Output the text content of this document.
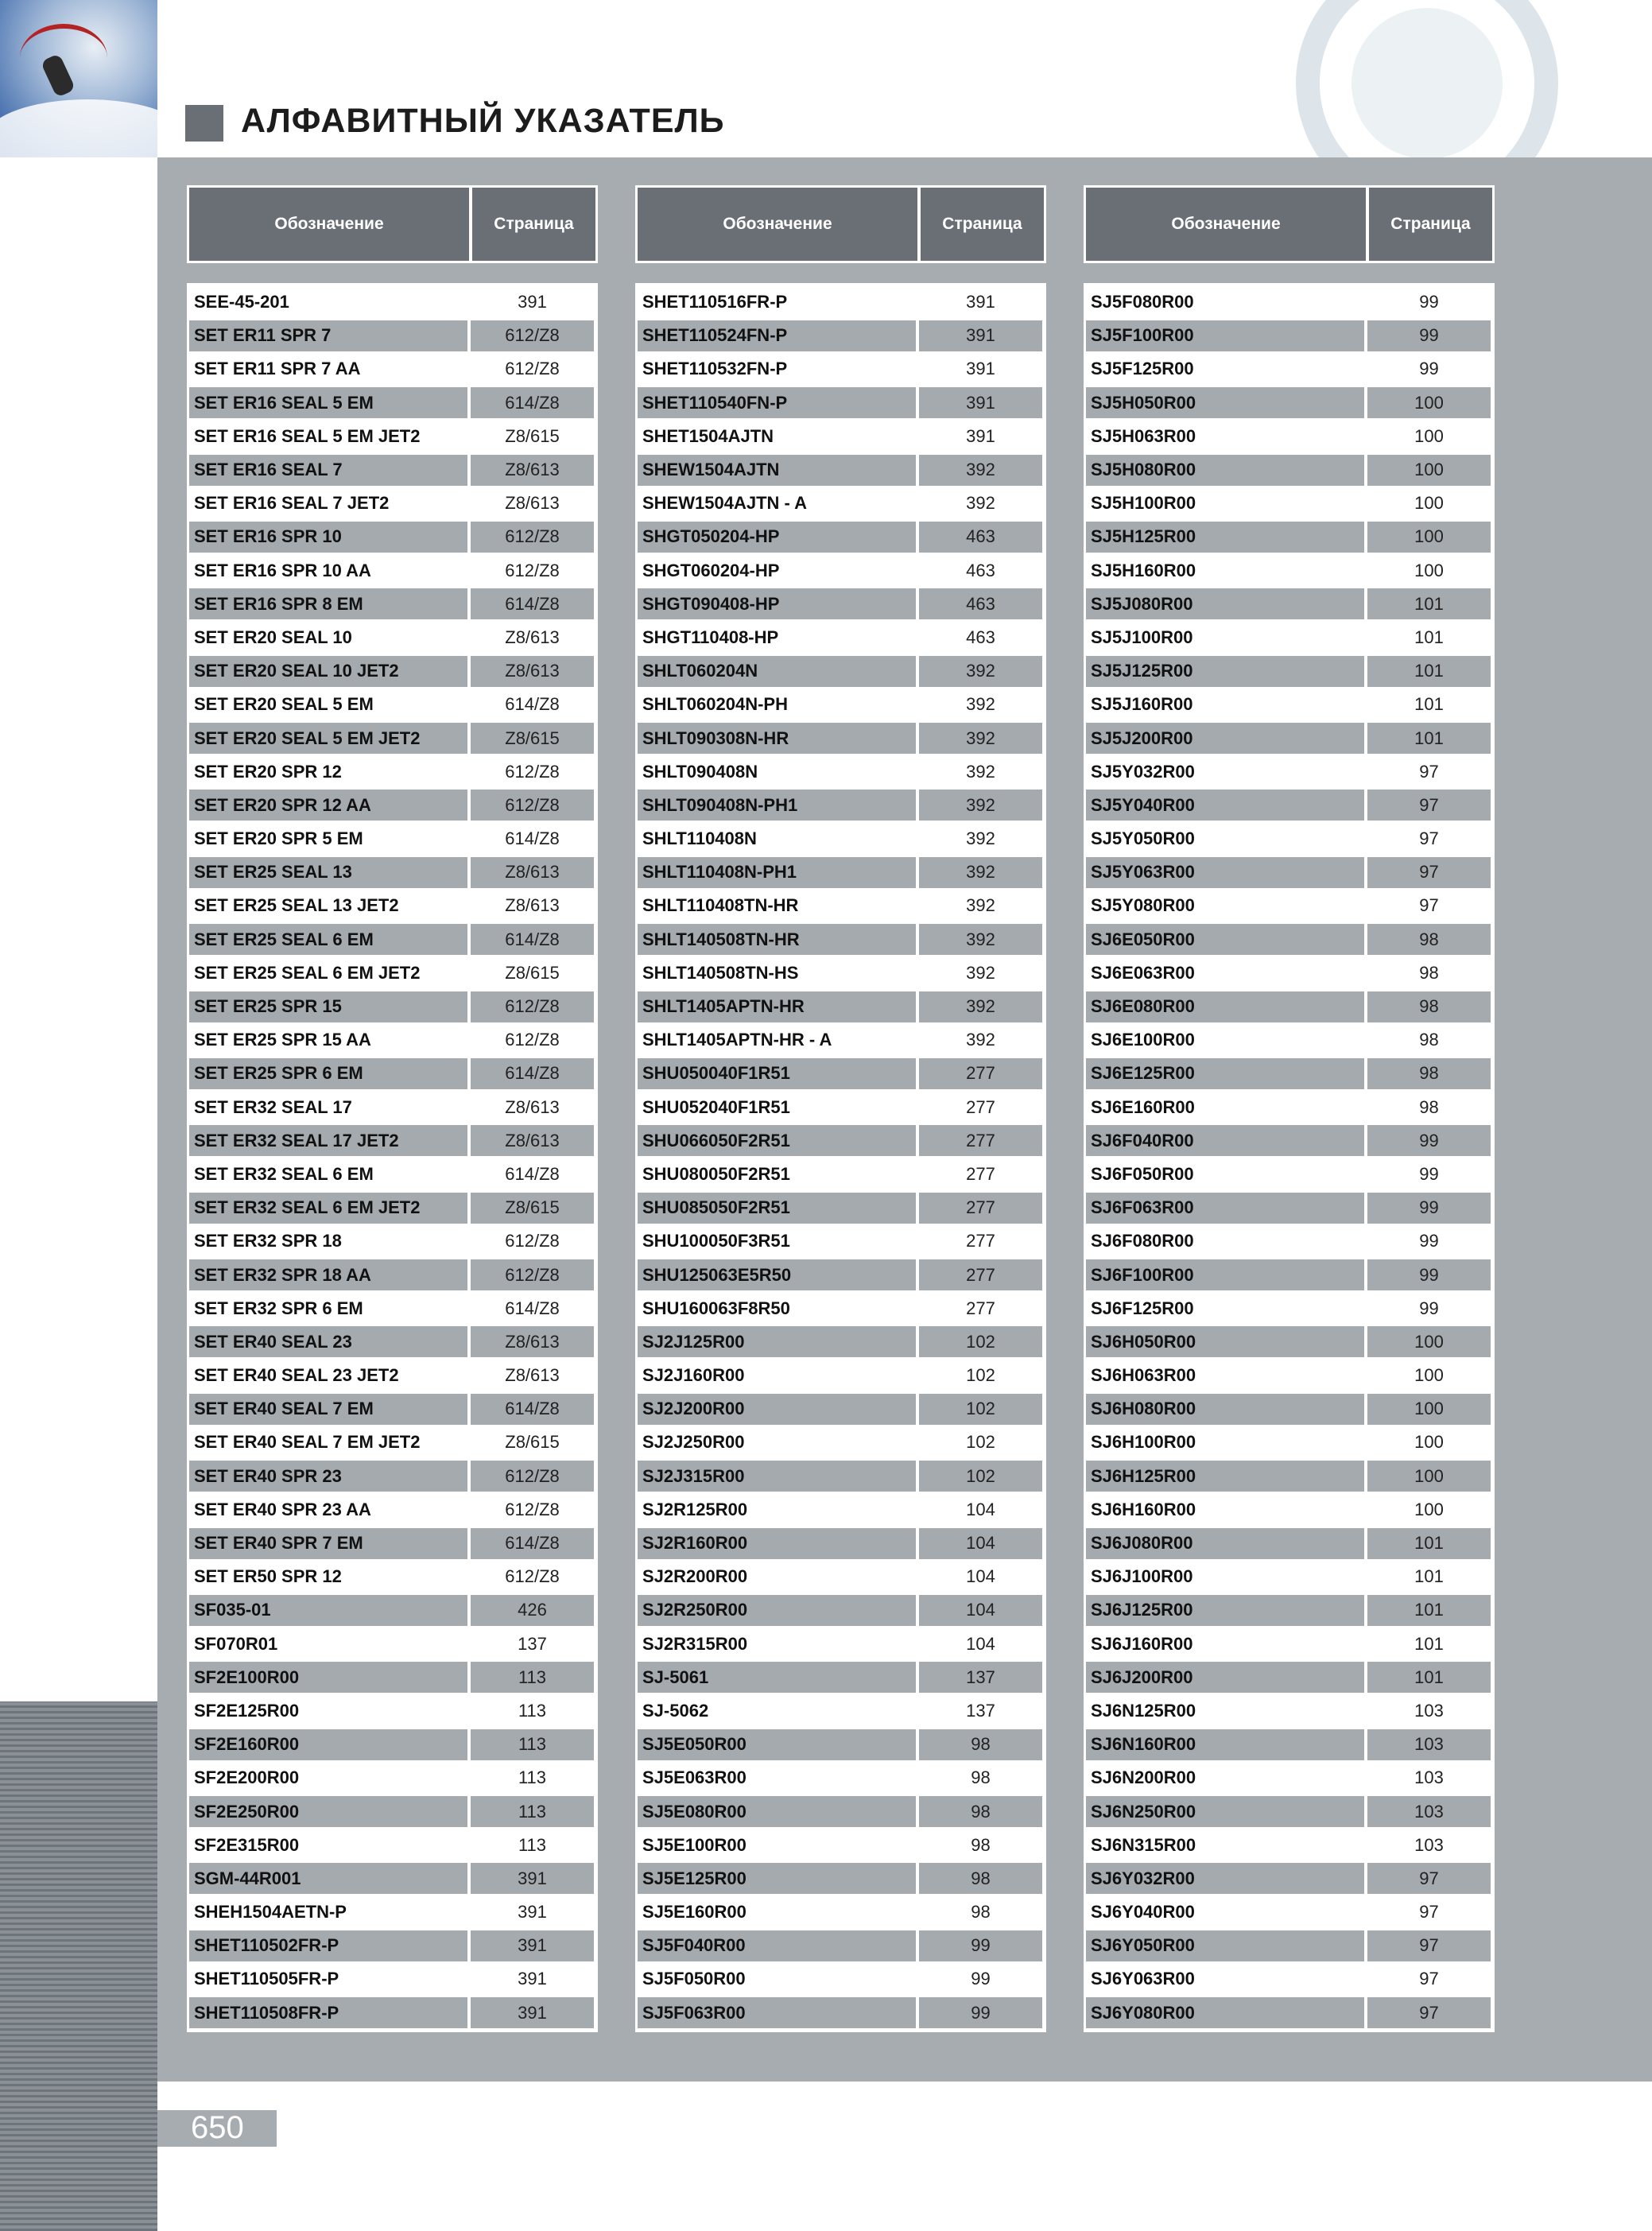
АЛФАВИТНЫЙ УКАЗАТЕЛЬ
Обозначение	Страница
SEE-45-201	391
SET ER11 SPR 7	612/Z8
SET ER11 SPR 7 AA	612/Z8
SET ER16 SEAL 5 EM	614/Z8
SET ER16 SEAL 5 EM JET2	Z8/615
SET ER16 SEAL 7	Z8/613
SET ER16 SEAL 7 JET2	Z8/613
SET ER16 SPR 10	612/Z8
SET ER16 SPR 10 AA	612/Z8
SET ER16 SPR 8 EM	614/Z8
SET ER20 SEAL 10	Z8/613
SET ER20 SEAL 10 JET2	Z8/613
SET ER20 SEAL 5 EM	614/Z8
SET ER20 SEAL 5 EM JET2	Z8/615
SET ER20 SPR 12	612/Z8
SET ER20 SPR 12 AA	612/Z8
SET ER20 SPR 5 EM	614/Z8
SET ER25 SEAL 13	Z8/613
SET ER25 SEAL 13 JET2	Z8/613
SET ER25 SEAL 6 EM	614/Z8
SET ER25 SEAL 6 EM JET2	Z8/615
SET ER25 SPR 15	612/Z8
SET ER25 SPR 15 AA	612/Z8
SET ER25 SPR 6 EM	614/Z8
SET ER32 SEAL 17	Z8/613
SET ER32 SEAL 17 JET2	Z8/613
SET ER32 SEAL 6 EM	614/Z8
SET ER32 SEAL 6 EM JET2	Z8/615
SET ER32 SPR 18	612/Z8
SET ER32 SPR 18 AA	612/Z8
SET ER32 SPR 6 EM	614/Z8
SET ER40 SEAL 23	Z8/613
SET ER40 SEAL 23 JET2	Z8/613
SET ER40 SEAL 7 EM	614/Z8
SET ER40 SEAL 7 EM JET2	Z8/615
SET ER40 SPR 23	612/Z8
SET ER40 SPR 23 AA	612/Z8
SET ER40 SPR 7 EM	614/Z8
SET ER50 SPR 12	612/Z8
SF035-01	426
SF070R01	137
SF2E100R00	113
SF2E125R00	113
SF2E160R00	113
SF2E200R00	113
SF2E250R00	113
SF2E315R00	113
SGM-44R001	391
SHEH1504AETN-P	391
SHET110502FR-P	391
SHET110505FR-P	391
SHET110508FR-P	391
Обозначение	Страница
SHET110516FR-P	391
SHET110524FN-P	391
SHET110532FN-P	391
SHET110540FN-P	391
SHET1504AJTN	391
SHEW1504AJTN	392
SHEW1504AJTN - A	392
SHGT050204-HP	463
SHGT060204-HP	463
SHGT090408-HP	463
SHGT110408-HP	463
SHLT060204N	392
SHLT060204N-PH	392
SHLT090308N-HR	392
SHLT090408N	392
SHLT090408N-PH1	392
SHLT110408N	392
SHLT110408N-PH1	392
SHLT110408TN-HR	392
SHLT140508TN-HR	392
SHLT140508TN-HS	392
SHLT1405APTN-HR	392
SHLT1405APTN-HR - A	392
SHU050040F1R51	277
SHU052040F1R51	277
SHU066050F2R51	277
SHU080050F2R51	277
SHU085050F2R51	277
SHU100050F3R51	277
SHU125063E5R50	277
SHU160063F8R50	277
SJ2J125R00	102
SJ2J160R00	102
SJ2J200R00	102
SJ2J250R00	102
SJ2J315R00	102
SJ2R125R00	104
SJ2R160R00	104
SJ2R200R00	104
SJ2R250R00	104
SJ2R315R00	104
SJ-5061	137
SJ-5062	137
SJ5E050R00	98
SJ5E063R00	98
SJ5E080R00	98
SJ5E100R00	98
SJ5E125R00	98
SJ5E160R00	98
SJ5F040R00	99
SJ5F050R00	99
SJ5F063R00	99
Обозначение	Страница
SJ5F080R00	99
SJ5F100R00	99
SJ5F125R00	99
SJ5H050R00	100
SJ5H063R00	100
SJ5H080R00	100
SJ5H100R00	100
SJ5H125R00	100
SJ5H160R00	100
SJ5J080R00	101
SJ5J100R00	101
SJ5J125R00	101
SJ5J160R00	101
SJ5J200R00	101
SJ5Y032R00	97
SJ5Y040R00	97
SJ5Y050R00	97
SJ5Y063R00	97
SJ5Y080R00	97
SJ6E050R00	98
SJ6E063R00	98
SJ6E080R00	98
SJ6E100R00	98
SJ6E125R00	98
SJ6E160R00	98
SJ6F040R00	99
SJ6F050R00	99
SJ6F063R00	99
SJ6F080R00	99
SJ6F100R00	99
SJ6F125R00	99
SJ6H050R00	100
SJ6H063R00	100
SJ6H080R00	100
SJ6H100R00	100
SJ6H125R00	100
SJ6H160R00	100
SJ6J080R00	101
SJ6J100R00	101
SJ6J125R00	101
SJ6J160R00	101
SJ6J200R00	101
SJ6N125R00	103
SJ6N160R00	103
SJ6N200R00	103
SJ6N250R00	103
SJ6N315R00	103
SJ6Y032R00	97
SJ6Y040R00	97
SJ6Y050R00	97
SJ6Y063R00	97
SJ6Y080R00	97
650
